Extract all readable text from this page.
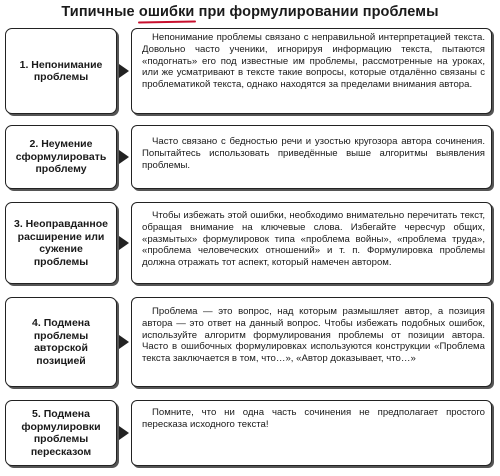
Типичные ошибки при формулировании проблемы
1. Непонимание проблемы

Непонимание проблемы связано с неправильной интерпретацией текста. Довольно часто ученики, игнорируя информацию текста, пытаются «подогнать» его под известные им проблемы, рассмотренные на уроках, или же усматривают в тексте такие вопросы, которые отдалённо связаны с проблематикой текста, однако находятся за пределами внимания автора.

2. Неумение сформулировать проблему

Часто связано с бедностью речи и узостью кругозора автора сочинения. Попытайтесь использовать приведённые выше алгоритмы выявления проблемы.

3. Неоправданное расширение или сужение проблемы

Чтобы избежать этой ошибки, необходимо внимательно перечитать текст, обращая внимание на ключевые слова. Избегайте чересчур общих, «размытых» формулировок типа «проблема войны», «проблема труда», «проблема человеческих отношений» и т. п. Формулировка проблемы должна отражать тот аспект, который намечен автором.

4. Подмена проблемы авторской позицией

Проблема — это вопрос, над которым размышляет автор, а позиция автора — это ответ на данный вопрос. Чтобы избежать подобных ошибок, используйте алгоритм формулирования проблемы от позиции автора. Часто в ошибочных формулировках используются конструкции «Проблема текста заключается в том, что…», «Автор доказывает, что…»

5. Подмена формулировки проблемы пересказом

Помните, что ни одна часть сочинения не предполагает простого пересказа исходного текста!
